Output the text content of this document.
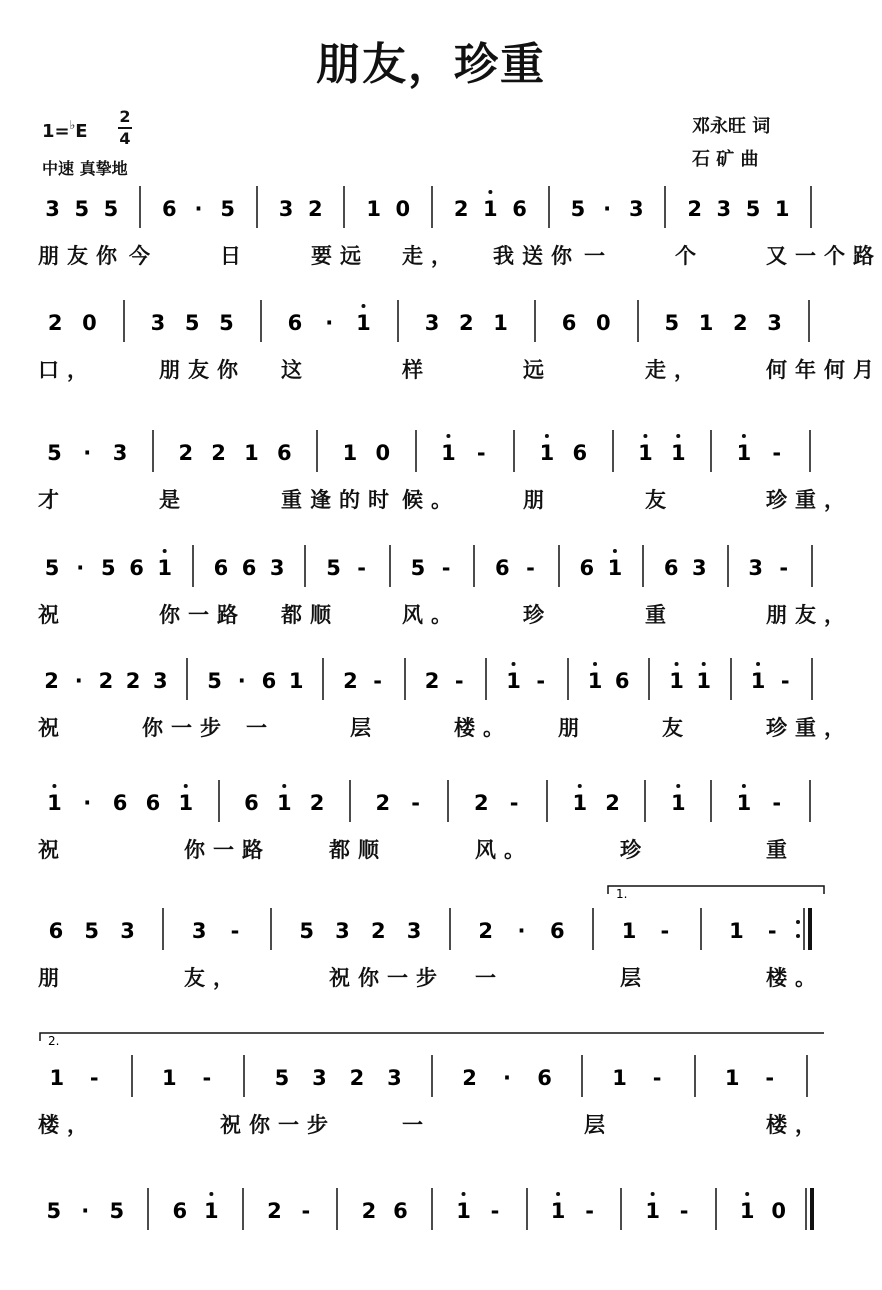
朋友，珍重
1=♭E
2
4
中速 真挚地
邓永旺 词
石 矿 曲
3 5 5 6 · 5 3 2 1 0 2 1 6 5 · 3 2 3 5 1
朋友你 今	日	要远 走， 我送你 一	个	又一个路
2 0	3 5 5	6 · 1	3 2 1	6 0	5 1 2 3
口，	朋友你 这	样	远	走，	何年何月
5 · 3 2 2 1 6 1 0 1 -	1 6 1 1 1 -
才	是	重逢的时 候。	朋	友	珍重，
5 · 5 6 1 6 6 3 5 - 5 - 6 - 6 1 6 3 3 -
祝	你一路 都顺	风。	珍	重	朋友，
2 · 2 2 3 5 · 6 1 2 - 2 - 1 - 1 6 1 1 1 -
祝	你一步 一	层	楼。 朋	友	珍重，
1 · 6 6 1 6 1 2 2 -	2 -	1 2 1 1 -
祝	你一路	都顺	风。	珍	重
1.
6 5 3	3 -	5 3 2 3	2 · 6	1 -	1 -
朋	友，	祝你一步 一	层	楼。
2.
1 -	1 -	5 3 2 3	2 · 6	1 -	1 -
楼，	祝你一步	一	层	楼，
5 · 5 6 1 2 - 2 6 1 - 1 - 1 - 1 0
